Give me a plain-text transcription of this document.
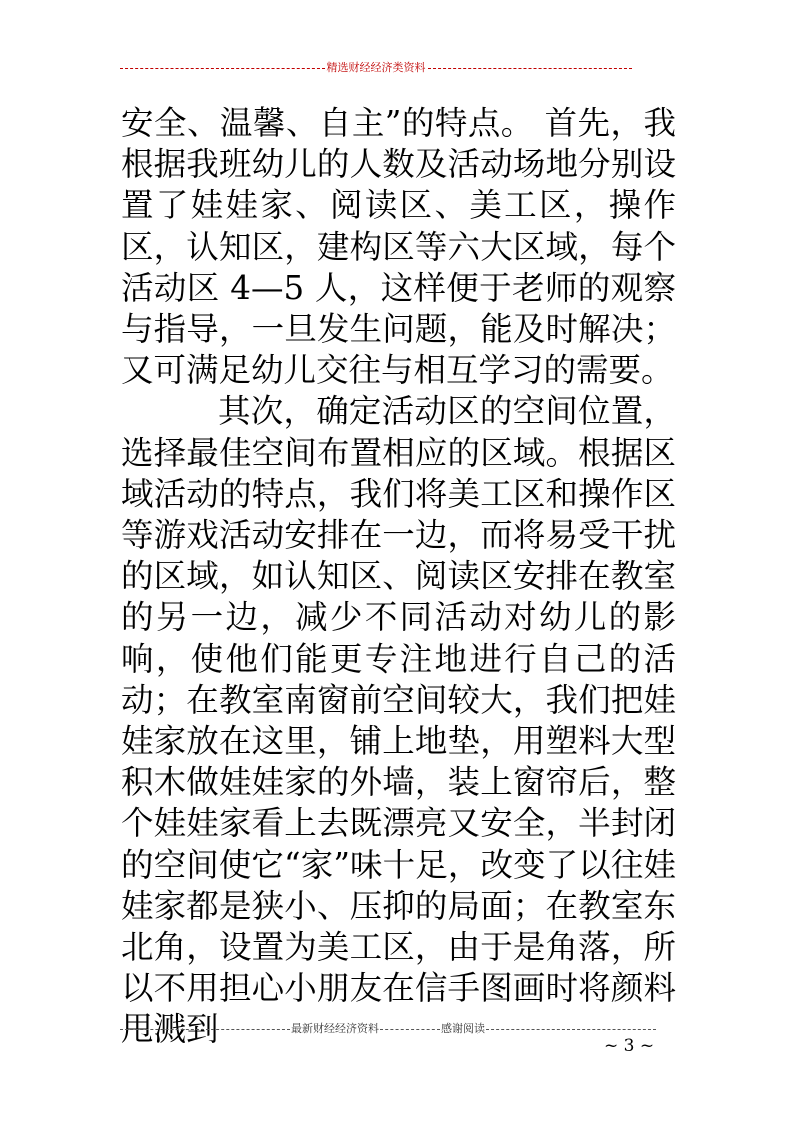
精选财经经济类资料

安全、温馨、自主”的特点。 首先，我根据我班幼儿的人数及活动场地分别设置了娃娃家、阅读区、美工区，操作区，认知区，建构区等六大区域，每个活动区 4—5 人，这样便于老师的观察与指导，一旦发生问题，能及时解决；又可满足幼儿交往与相互学习的需要。

其次，确定活动区的空间位置，选择最佳空间布置相应的区域。根据区域活动的特点，我们将美工区和操作区等游戏活动安排在一边，而将易受干扰的区域，如认知区、阅读区安排在教室的另一边，减少不同活动对幼儿的影响，使他们能更专注地进行自己的活动；在教室南窗前空间较大，我们把娃娃家放在这里，铺上地垫，用塑料大型积木做娃娃家的外墙，装上窗帘后，整个娃娃家看上去既漂亮又安全，半封闭的空间使它“家”味十足，改变了以往娃娃家都是狭小、压抑的局面；在教室东北角，设置为美工区，由于是角落，所以不用担心小朋友在信手图画时将颜料甩溅到	最新财经经济资料	感谢阅读
~ 3 ~
